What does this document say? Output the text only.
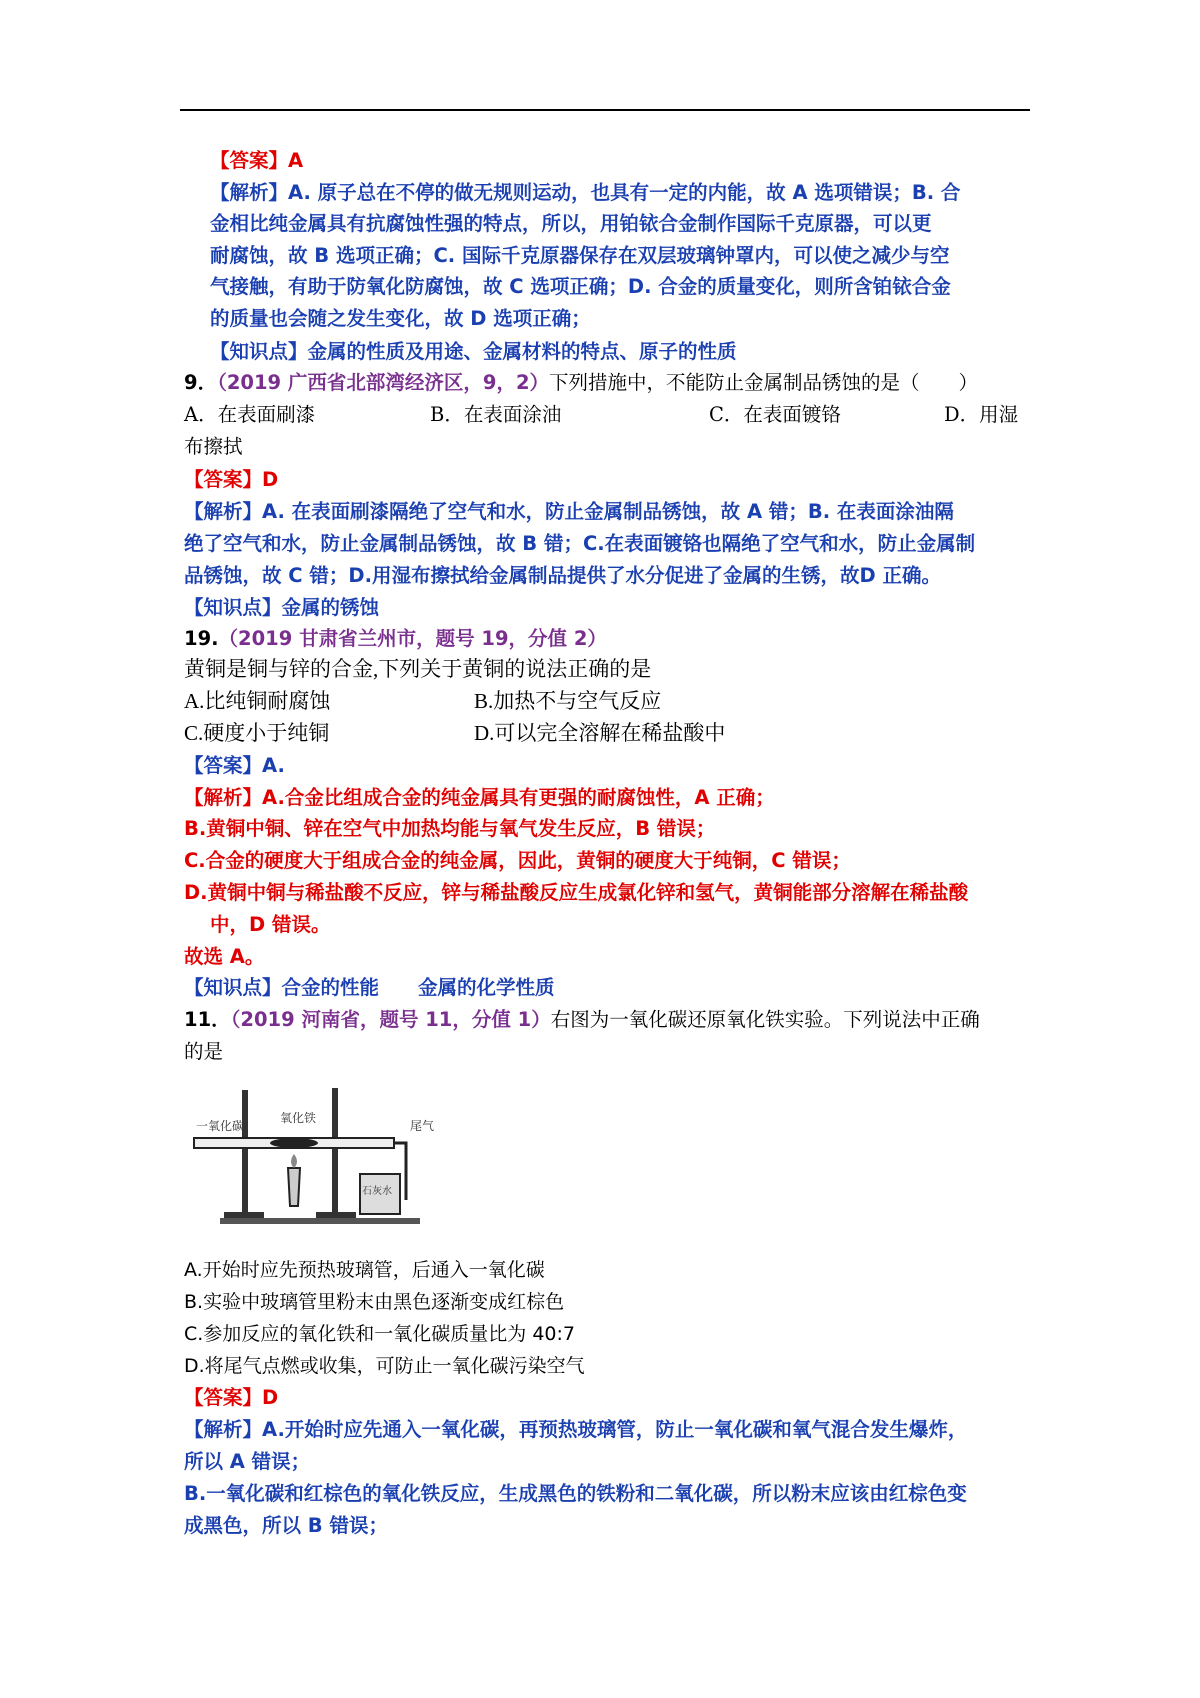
【答案】A
【解析】A. 原子总在不停的做无规则运动，也具有一定的内能，故 A 选项错误；B. 合
金相比纯金属具有抗腐蚀性强的特点，所以，用铂铱合金制作国际千克原器，可以更
耐腐蚀，故 B 选项正确；C. 国际千克原器保存在双层玻璃钟罩内，可以使之减少与空
气接触，有助于防氧化防腐蚀，故 C 选项正确；D. 合金的质量变化，则所含铂铱合金
的质量也会随之发生变化，故 D 选项正确；
【知识点】金属的性质及用途、金属材料的特点、原子的性质
9．（2019 广西省北部湾经济区，9，2）下列措施中，不能防止金属制品锈蚀的是（　　）
A．在表面刷漆	B．在表面涂油	C．在表面镀铬	D．用湿
布擦拭
【答案】D
【解析】A. 在表面刷漆隔绝了空气和水，防止金属制品锈蚀，故 A 错；B. 在表面涂油隔
绝了空气和水，防止金属制品锈蚀，故 B 错；C.在表面镀铬也隔绝了空气和水，防止金属制
品锈蚀，故 C 错；D.用湿布擦拭给金属制品提供了水分促进了金属的生锈，故D 正确。
【知识点】金属的锈蚀
19.（2019 甘肃省兰州市，题号 19，分值 2）
黄铜是铜与锌的合金,下列关于黄铜的说法正确的是
A.比纯铜耐腐蚀	B.加热不与空气反应
C.硬度小于纯铜	D.可以完全溶解在稀盐酸中
【答案】A.
【解析】A.合金比组成合金的纯金属具有更强的耐腐蚀性，A 正确；
B.黄铜中铜、锌在空气中加热均能与氧气发生反应，B 错误；
C.合金的硬度大于组成合金的纯金属，因此，黄铜的硬度大于纯铜，C 错误；
D.黄铜中铜与稀盐酸不反应，锌与稀盐酸反应生成氯化锌和氢气，黄铜能部分溶解在稀盐酸
中，D 错误。
故选 A。
【知识点】合金的性能　　金属的化学性质
11．（2019 河南省，题号 11，分值 1）右图为一氧化碳还原氧化铁实验。下列说法中正确
的是
一氧化碳
氧化铁
尾气
石灰水
A.开始时应先预热玻璃管，后通入一氧化碳
B.实验中玻璃管里粉末由黑色逐渐变成红棕色
C.参加反应的氧化铁和一氧化碳质量比为 40:7
D.将尾气点燃或收集，可防止一氧化碳污染空气
【答案】D
【解析】A.开始时应先通入一氧化碳，再预热玻璃管，防止一氧化碳和氧气混合发生爆炸，
所以 A 错误；
B.一氧化碳和红棕色的氧化铁反应，生成黑色的铁粉和二氧化碳，所以粉末应该由红棕色变
成黑色，所以 B 错误；
